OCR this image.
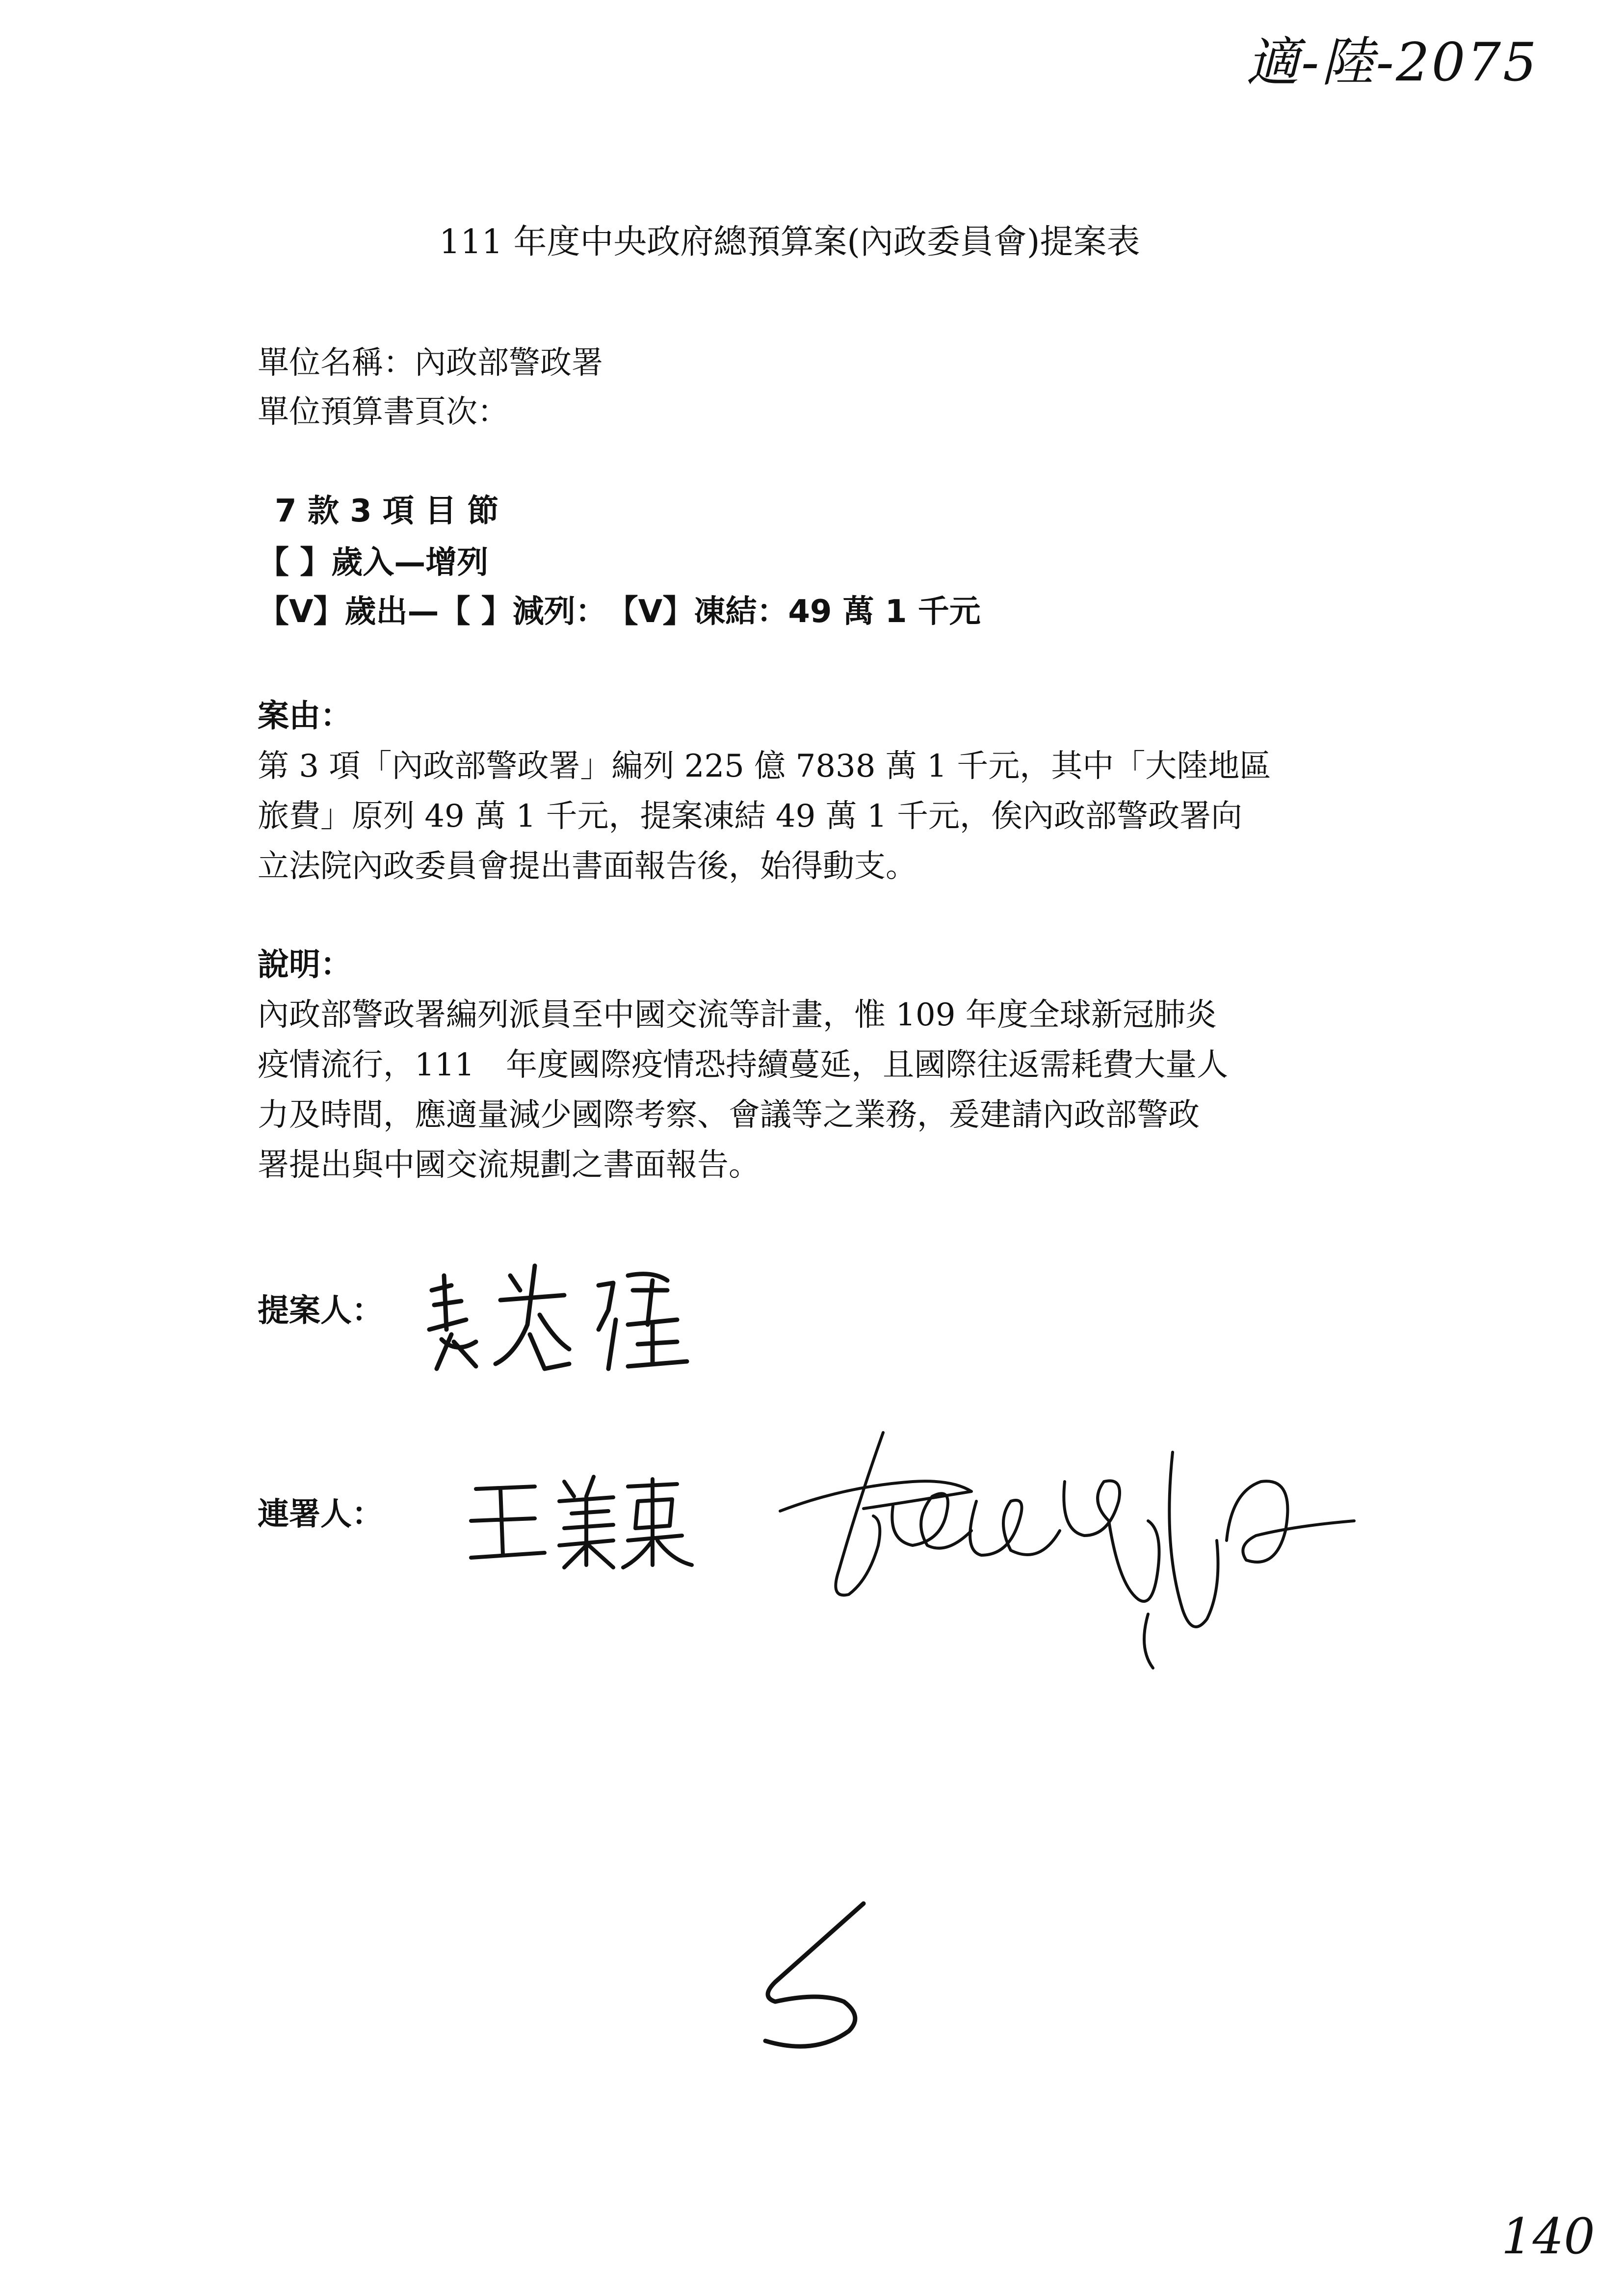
適-陸-2075
111 年度中央政府總預算案(內政委員會)提案表
單位名稱：內政部警政署
單位預算書頁次：
7 款 3 項 目 節
【 】歲入—增列
【V】歲出—【 】減列：　【V】凍結：49 萬 1 千元
案由：
第 3 項「內政部警政署」編列 225 億 7838 萬 1 千元，其中「大陸地區
旅費」原列 49 萬 1 千元，提案凍結 49 萬 1 千元，俟內政部警政署向
立法院內政委員會提出書面報告後，始得動支。
說明：
內政部警政署編列派員至中國交流等計畫，惟 109 年度全球新冠肺炎
疫情流行，111　年度國際疫情恐持續蔓延，且國際往返需耗費大量人
力及時間，應適量減少國際考察、會議等之業務，爰建請內政部警政
署提出與中國交流規劃之書面報告。
提案人：
連署人：
140
